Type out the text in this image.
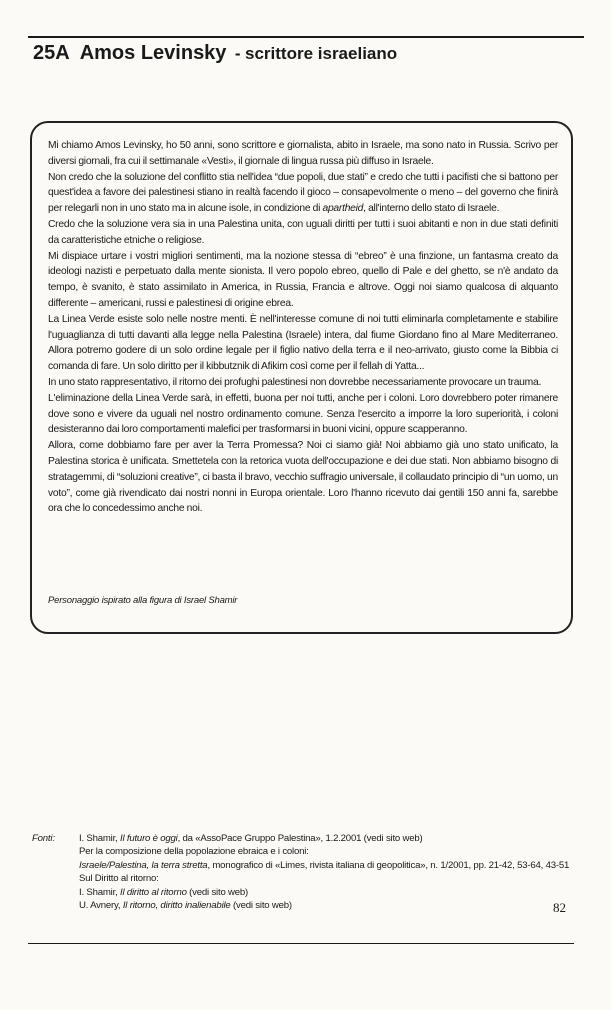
25A Amos Levinsky - scrittore israeliano

Mi chiamo Amos Levinsky, ho 50 anni, sono scrittore e giornalista, abito in Israele, ma sono nato in Russia. Scrivo per diversi giornali, fra cui il settimanale «Vesti», il giornale di lingua russa più diffuso in Israele.

Non credo che la soluzione del conflitto stia nell'idea “due popoli, due stati” e credo che tutti i pacifisti che si battono per quest'idea a favore dei palestinesi stiano in realtà facendo il gioco – consapevolmente o meno – del governo che finirà per relegarli non in uno stato ma in alcune isole, in condizione di apartheid, all'interno dello stato di Israele.

Credo che la soluzione vera sia in una Palestina unita, con uguali diritti per tutti i suoi abitanti e non in due stati definiti da caratteristiche etniche o religiose.

Mi dispiace urtare i vostri migliori sentimenti, ma la nozione stessa di “ebreo” è una finzione, un fantasma creato da ideologi nazisti e perpetuato dalla mente sionista. Il vero popolo ebreo, quello di Pale e del ghetto, se n'è andato da tempo, è svanito, è stato assimilato in America, in Russia, Francia e altrove. Oggi noi siamo qualcosa di alquanto differente – americani, russi e palestinesi di origine ebrea.

La Linea Verde esiste solo nelle nostre menti. È nell'interesse comune di noi tutti eliminarla completamente e stabilire l'uguaglianza di tutti davanti alla legge nella Palestina (Israele) intera, dal fiume Giordano fino al Mare Mediterraneo. Allora potremo godere di un solo ordine legale per il figlio nativo della terra e il neo-arrivato, giusto come la Bibbia ci comanda di fare. Un solo diritto per il kibbutznik di Afikim così come per il fellah di Yatta...

In uno stato rappresentativo, il ritorno dei profughi palestinesi non dovrebbe necessariamente provocare un trauma.

L'eliminazione della Linea Verde sarà, in effetti, buona per noi tutti, anche per i coloni. Loro dovrebbero poter rimanere dove sono e vivere da uguali nel nostro ordinamento comune. Senza l'esercito a imporre la loro superiorità, i coloni desisteranno dai loro comportamenti malefici per trasformarsi in buoni vicini, oppure scapperanno.

Allora, come dobbiamo fare per aver la Terra Promessa? Noi ci siamo già! Noi abbiamo già uno stato unificato, la Palestina storica è unificata. Smettetela con la retorica vuota dell'occupazione e dei due stati. Non abbiamo bisogno di stratagemmi, di “soluzioni creative”, ci basta il bravo, vecchio suffragio universale, il collaudato principio di “un uomo, un voto”, come già rivendicato dai nostri nonni in Europa orientale. Loro l'hanno ricevuto dai gentili 150 anni fa, sarebbe ora che lo concedessimo anche noi.

Personaggio ispirato alla figura di Israel Shamir
Fonti:	I. Shamir, Il futuro è oggi, da «AssoPace Gruppo Palestina», 1.2.2001 (vedi sito web)
Per la composizione della popolazione ebraica e i coloni:
Israele/Palestina, la terra stretta, monografico di «Limes, rivista italiana di geopolitica», n. 1/2001, pp. 21-42, 53-64, 43-51
Sul Diritto al ritorno:
I. Shamir, Il diritto al ritorno (vedi sito web)
U. Avnery, Il ritorno, diritto inalienabile (vedi sito web)	82
